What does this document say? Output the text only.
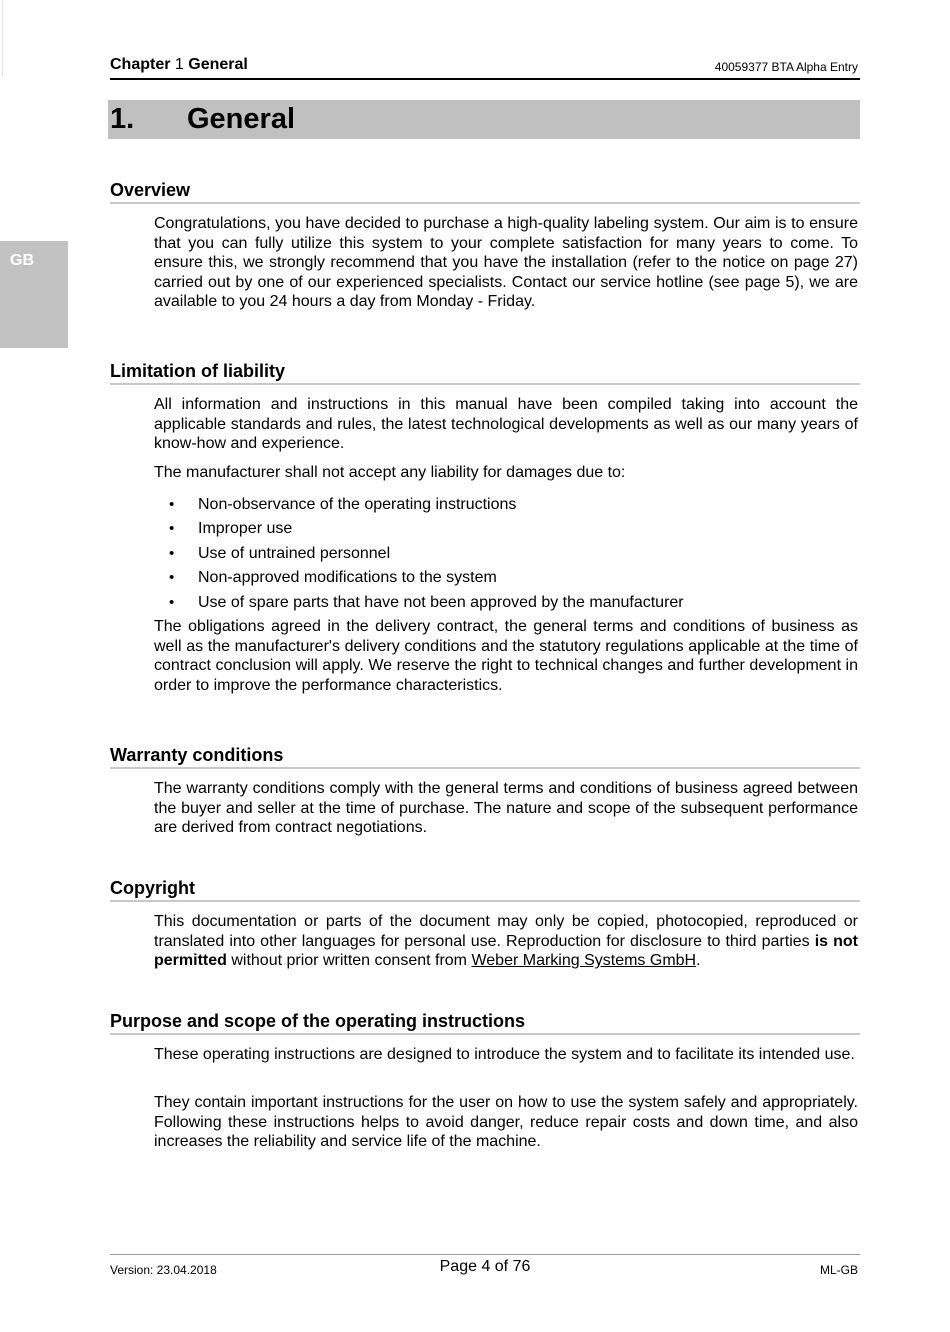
GB
Chapter 1 General	40059377 BTA Alpha Entry
1. General
Overview

Congratulations, you have decided to purchase a high-quality labeling system. Our aim is to ensure that you can fully utilize this system to your complete satisfaction for many years to come. To ensure this, we strongly recommend that you have the installation (refer to the notice on page 27) carried out by one of our experienced specialists. Contact our service hotline (see page 5), we are available to you 24 hours a day from Monday - Friday.

Limitation of liability

All information and instructions in this manual have been compiled taking into account the applicable standards and rules, the latest technological developments as well as our many years of know-how and experience.

The manufacturer shall not accept any liability for damages due to:

• Non-observance of the operating instructions
• Improper use
• Use of untrained personnel
• Non-approved modifications to the system
• Use of spare parts that have not been approved by the manufacturer

The obligations agreed in the delivery contract, the general terms and conditions of business as well as the manufacturer's delivery conditions and the statutory regulations applicable at the time of contract conclusion will apply. We reserve the right to technical changes and further development in order to improve the performance characteristics.

Warranty conditions

The warranty conditions comply with the general terms and conditions of business agreed between the buyer and seller at the time of purchase. The nature and scope of the subsequent performance are derived from contract negotiations.

Copyright

This documentation or parts of the document may only be copied, photocopied, reproduced or translated into other languages for personal use. Reproduction for disclosure to third parties is not permitted without prior written consent from Weber Marking Systems GmbH.

Purpose and scope of the operating instructions

These operating instructions are designed to introduce the system and to facilitate its intended use.

They contain important instructions for the user on how to use the system safely and appropriately. Following these instructions helps to avoid danger, reduce repair costs and down time, and also increases the reliability and service life of the machine.

Version: 23.04.2018	Page 4 of 76	ML-GB
